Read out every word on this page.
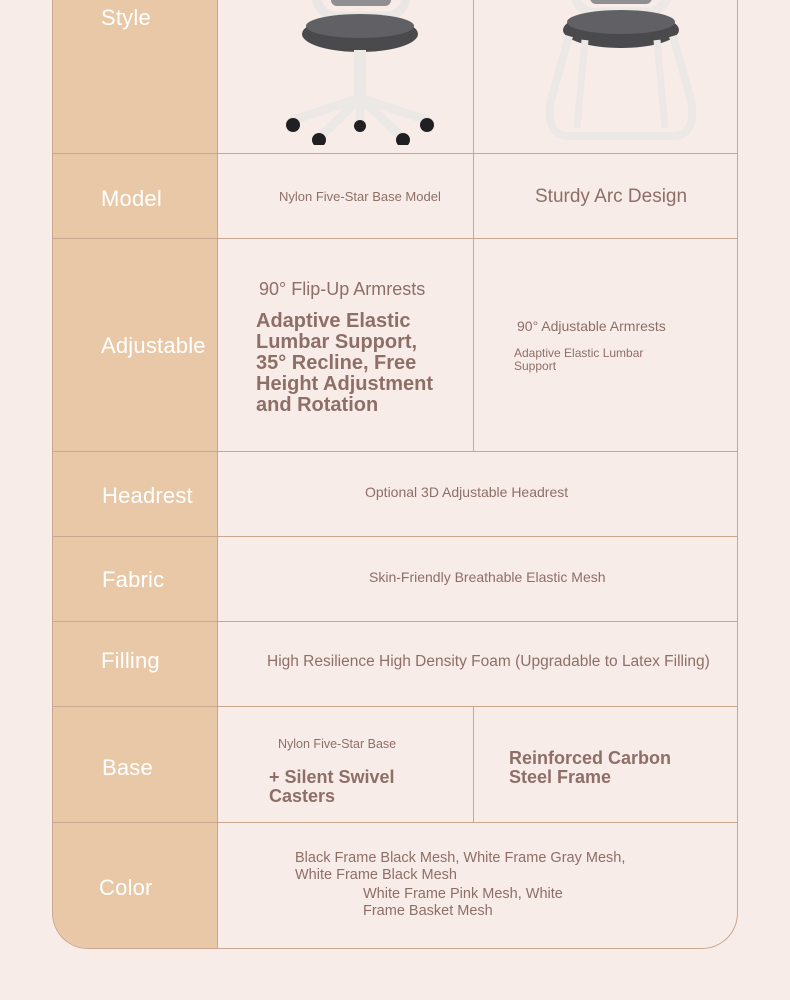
Style
Model
Adjustable
Headrest
Fabric
Filling
Base
Color
Nylon Five-Star Base Model	Sturdy Arc Design
90° Flip-Up Armrests
Adaptive Elastic Lumbar Support, 35° Recline, Free Height Adjustment and Rotation
90° Adjustable Armrests
Adaptive Elastic Lumbar Support
Optional 3D Adjustable Headrest
Skin-Friendly Breathable Elastic Mesh
High Resilience High Density Foam (Upgradable to Latex Filling)
Nylon Five-Star Base
+ Silent Swivel Casters
Reinforced Carbon Steel Frame
Black Frame Black Mesh, White Frame Gray Mesh, White Frame Black Mesh
White Frame Pink Mesh, White Frame Basket Mesh
